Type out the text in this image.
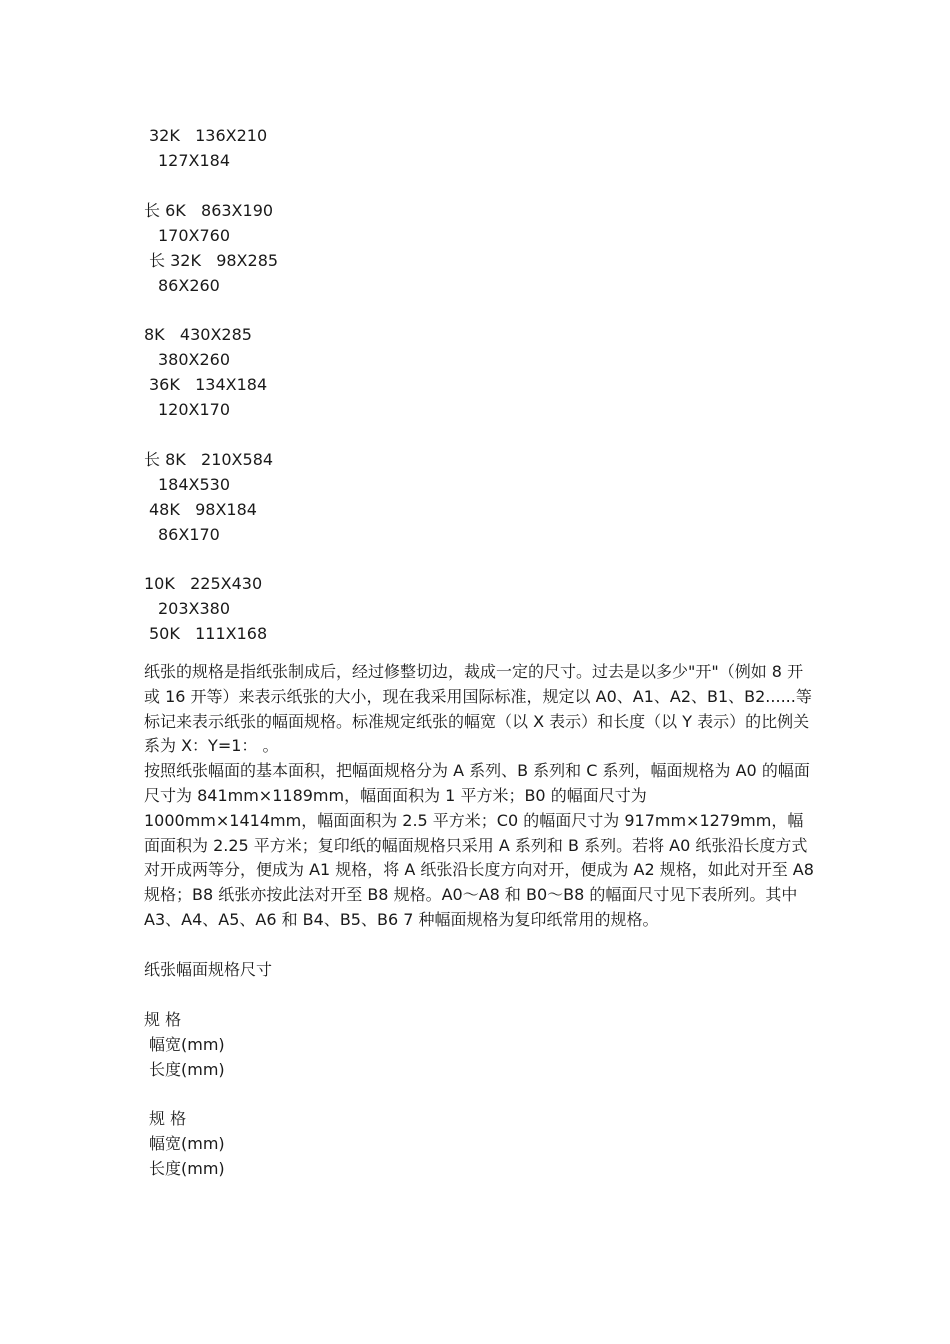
32K   136X210
127X184
长 6K   863X190
170X760
长 32K   98X285
86X260
8K   430X285
380X260
36K   134X184
120X170
长 8K   210X584
184X530
48K   98X184
86X170
10K   225X430
203X380
50K   111X168

纸张的规格是指纸张制成后，经过修整切边，裁成一定的尺寸。过去是以多少"开"（例如 8 开或 16 开等）来表示纸张的大小，现在我采用国际标准，规定以 A0、A1、A2、B1、B2......等标记来表示纸张的幅面规格。标准规定纸张的幅宽（以 X 表示）和长度（以 Y 表示）的比例关系为 X：Y=1： 。

按照纸张幅面的基本面积，把幅面规格分为 A 系列、B 系列和 C 系列，幅面规格为 A0 的幅面尺寸为 841mm×1189mm，幅面面积为 1 平方米；B0 的幅面尺寸为 1000mm×1414mm，幅面面积为 2.5 平方米；C0 的幅面尺寸为 917mm×1279mm，幅面面积为 2.25 平方米；复印纸的幅面规格只采用 A 系列和 B 系列。若将 A0 纸张沿长度方式对开成两等分，便成为 A1 规格，将 A 纸张沿长度方向对开，便成为 A2 规格，如此对开至 A8 规格；B8 纸张亦按此法对开至 B8 规格。A0～A8 和 B0～B8 的幅面尺寸见下表所列。其中 A3、A4、A5、A6 和 B4、B5、B6 7 种幅面规格为复印纸常用的规格。

纸张幅面规格尺寸
规 格
幅宽(mm)
长度(mm)
规 格
幅宽(mm)
长度(mm)
